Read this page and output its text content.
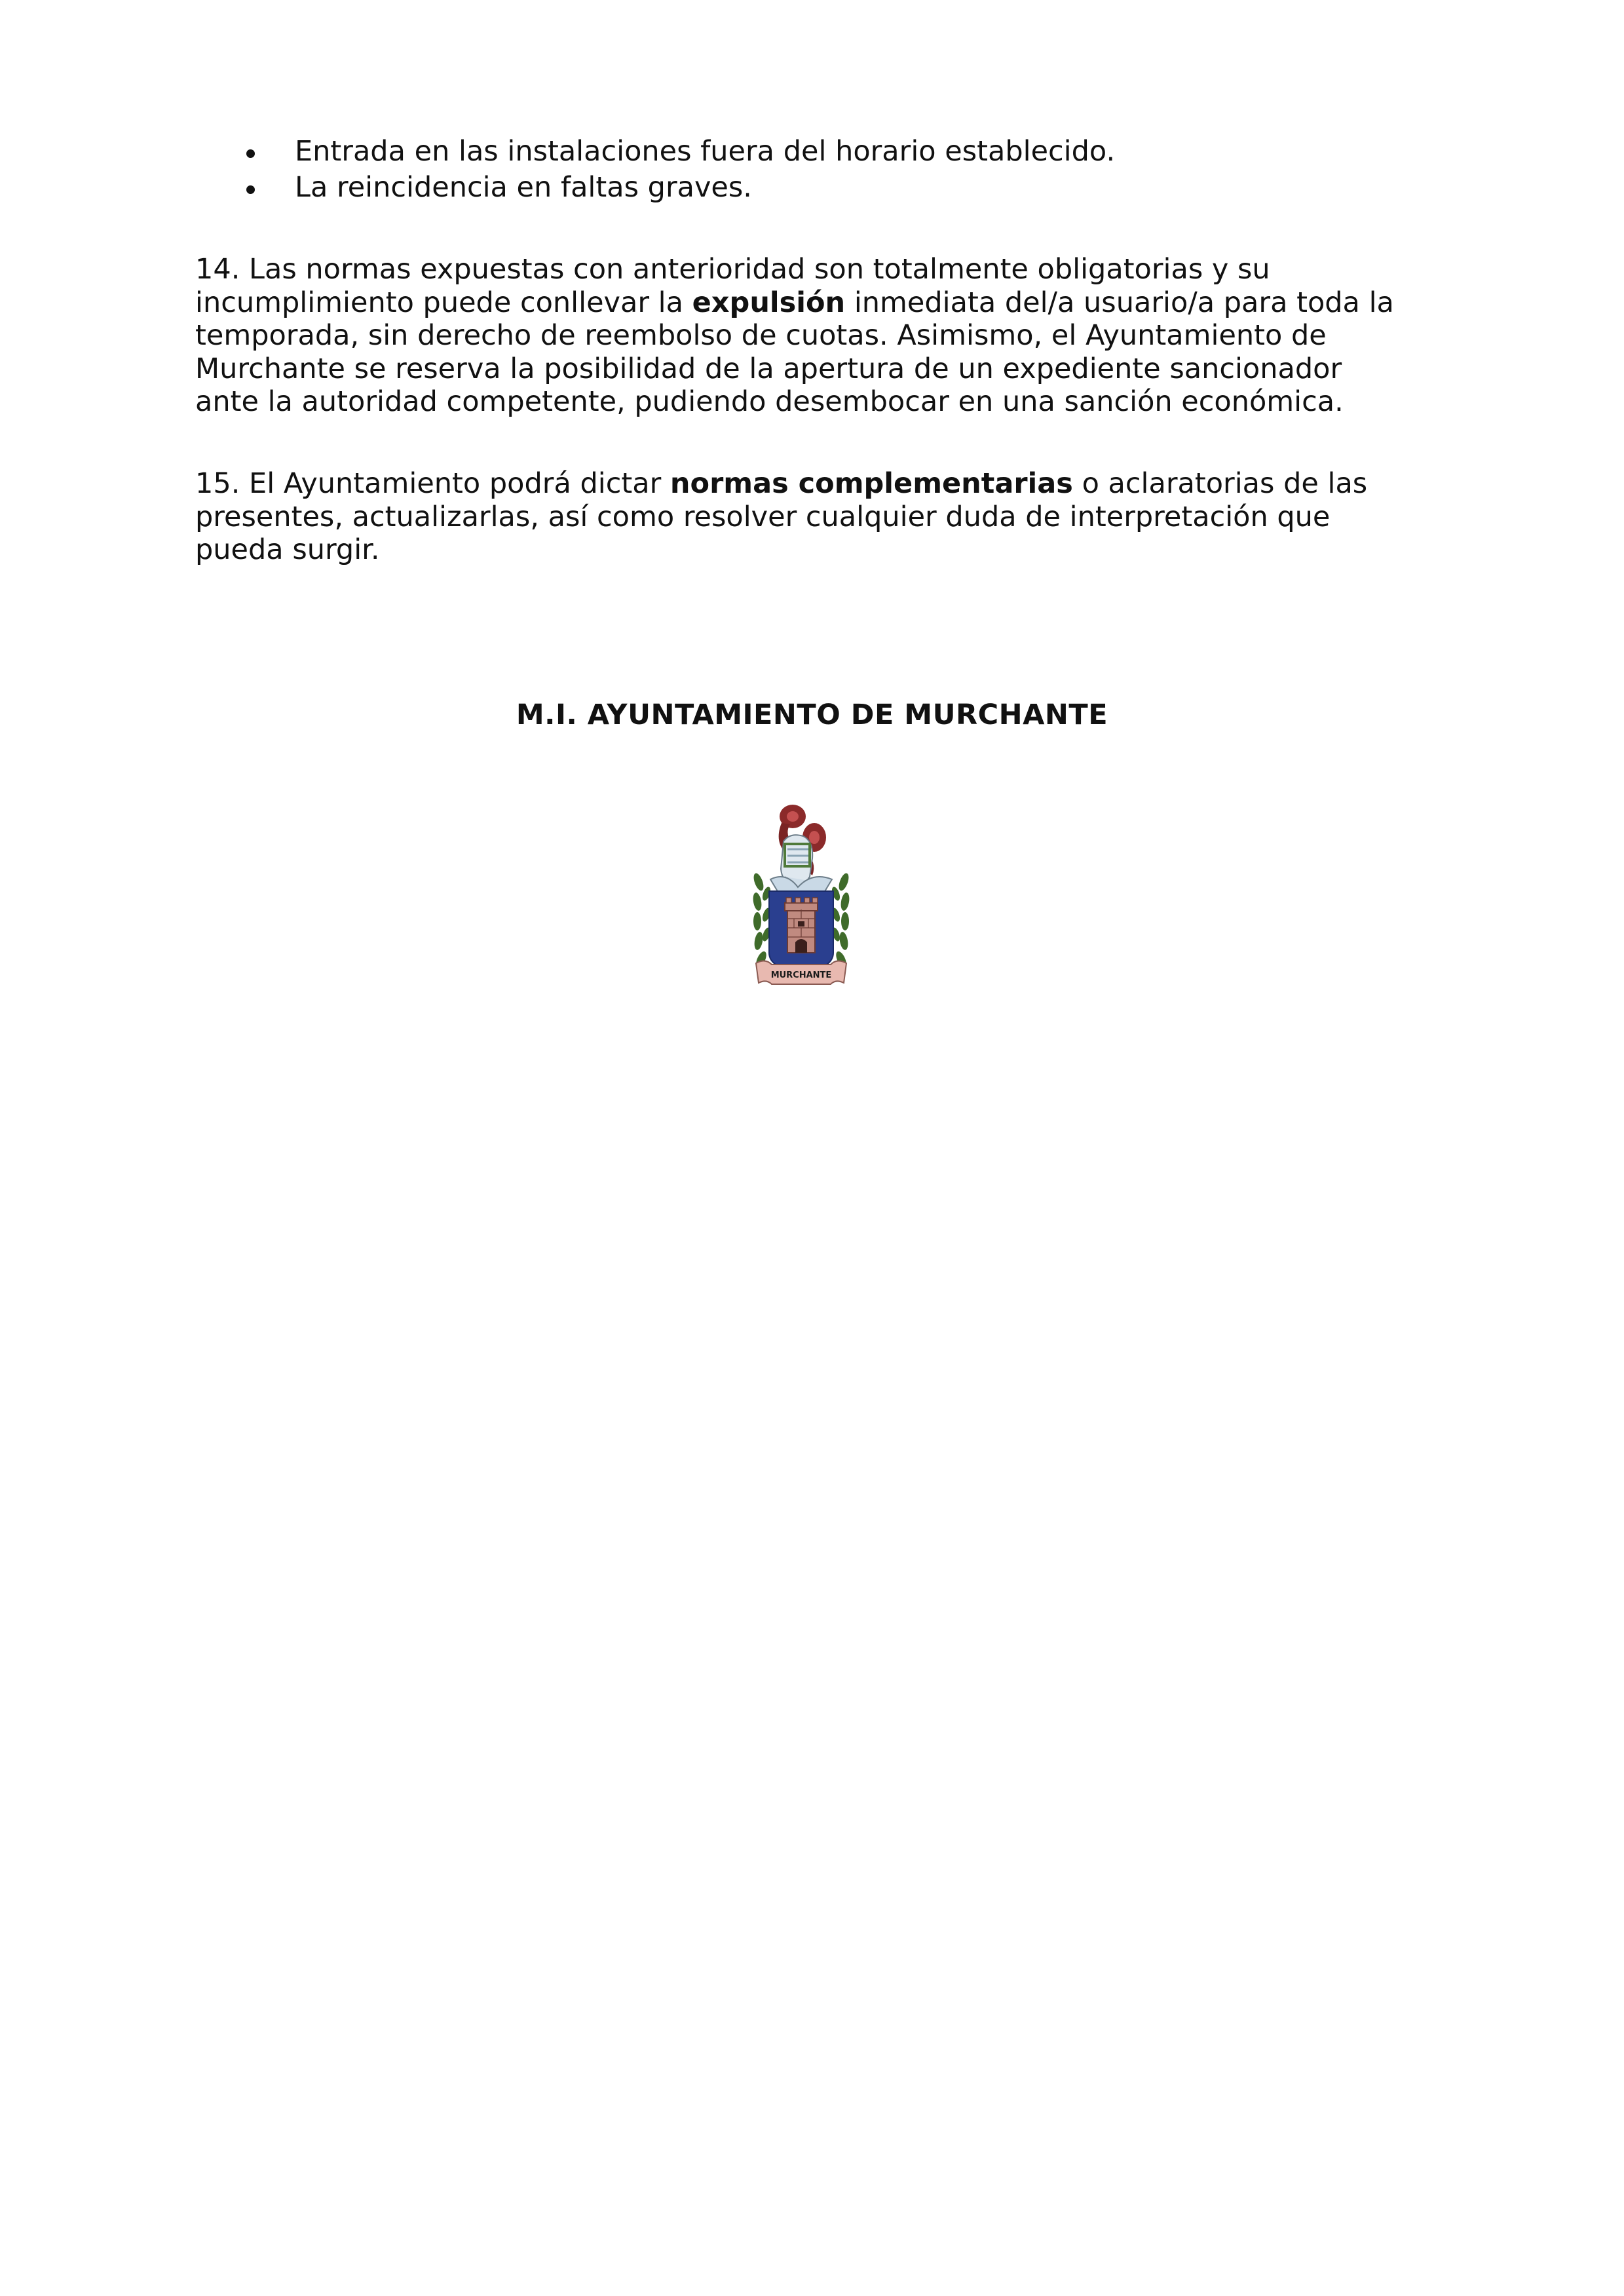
Entrada en las instalaciones fuera del horario establecido.
La reincidencia en faltas graves.

14. Las normas expuestas con anterioridad son totalmente obligatorias y su
incumplimiento puede conllevar la expulsión inmediata del/a usuario/a para toda la
temporada, sin derecho de reembolso de cuotas. Asimismo, el Ayuntamiento de
Murchante se reserva la posibilidad de la apertura de un expediente sancionador
ante la autoridad competente, pudiendo desembocar en una sanción económica.

15. El Ayuntamiento podrá dictar normas complementarias o aclaratorias de las
presentes, actualizarlas, así como resolver cualquier duda de interpretación que
pueda surgir.

M.I. AYUNTAMIENTO DE MURCHANTE
MURCHANTE
